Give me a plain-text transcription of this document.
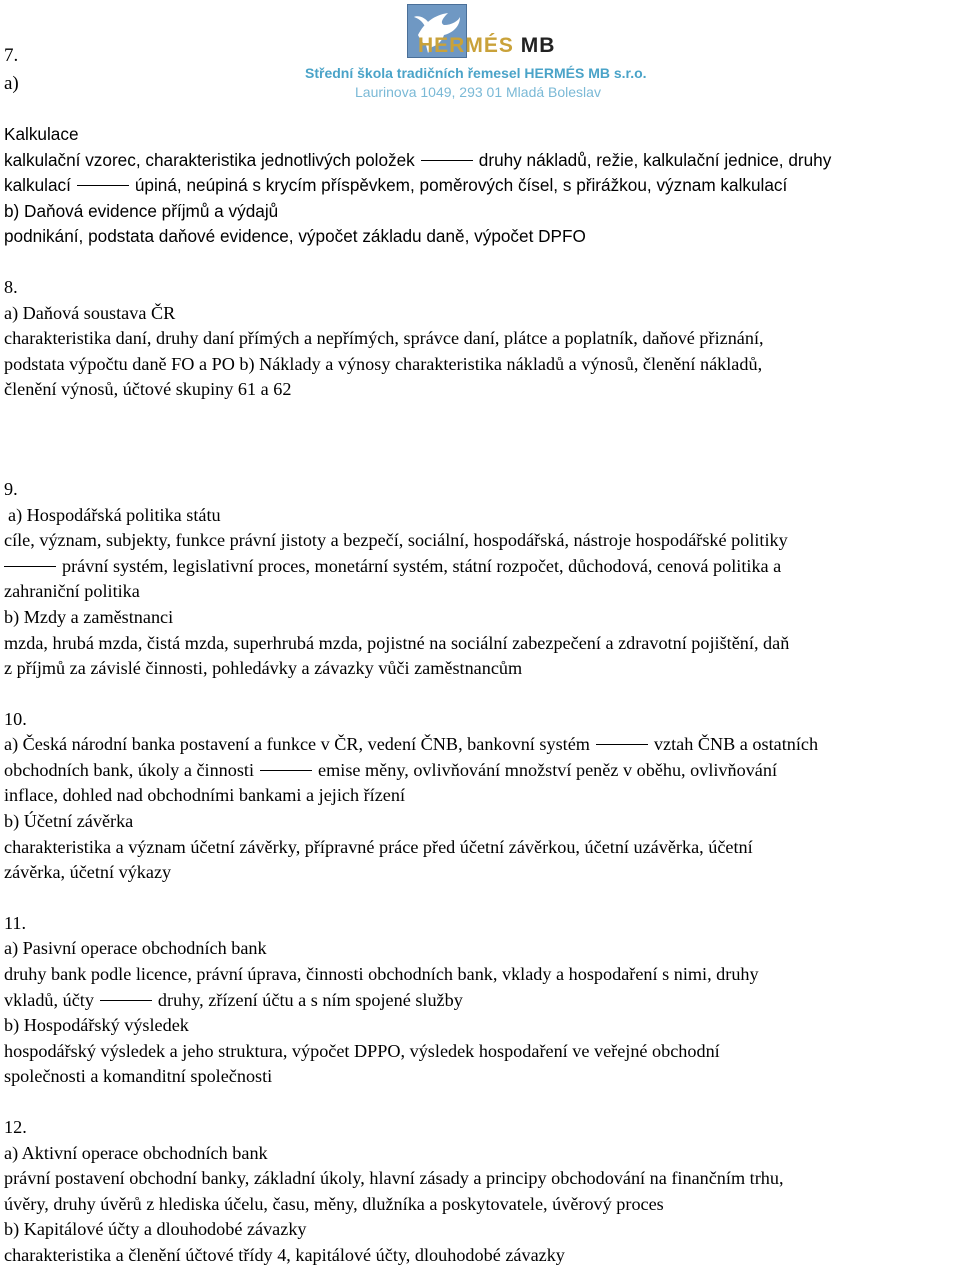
HERMÉS MB
Střední škola tradičních řemesel HERMÉS MB s.r.o.
Laurinova 1049, 293 01 Mladá Boleslav
7.
a)

Kalkulace

kalkulační vzorec, charakteristika jednotlivých položek	druhy nákladů, režie, kalkulační jednice, druhy

kalkulací	úpiná, neúpiná s krycím příspěvkem, poměrových čísel, s přirážkou, význam kalkulací

b) Daňová evidence příjmů a výdajů

podnikání, podstata daňové evidence, výpočet základu daně, výpočet DPFO

8.

a) Daňová soustava ČR

charakteristika daní, druhy daní přímých a nepřímých, správce daní, plátce a poplatník, daňové přiznání,

podstata výpočtu daně FO a PO b) Náklady a výnosy charakteristika nákladů a výnosů, členění nákladů,

členění výnosů, účtové skupiny 61 a 62

9.

a) Hospodářská politika státu

cíle, význam, subjekty, funkce právní jistoty a bezpečí, sociální, hospodářská, nástroje hospodářské politiky

právní systém, legislativní proces, monetární systém, státní rozpočet, důchodová, cenová politika a

zahraniční politika

b) Mzdy a zaměstnanci

mzda, hrubá mzda, čistá mzda, superhrubá mzda, pojistné na sociální zabezpečení a zdravotní pojištění, daň

z příjmů za závislé činnosti, pohledávky a závazky vůči zaměstnancům

10.

a) Česká národní banka postavení a funkce v ČR, vedení ČNB, bankovní systém	vztah ČNB a ostatních

obchodních bank, úkoly a činnosti	emise měny, ovlivňování množství peněz v oběhu, ovlivňování

inflace, dohled nad obchodními bankami a jejich řízení

b) Účetní závěrka

charakteristika a význam účetní závěrky, přípravné práce před účetní závěrkou, účetní uzávěrka, účetní

závěrka, účetní výkazy

11.

a) Pasivní operace obchodních bank

druhy bank podle licence, právní úprava, činnosti obchodních bank, vklady a hospodaření s nimi, druhy

vkladů, účty	druhy, zřízení účtu a s ním spojené služby

b) Hospodářský výsledek

hospodářský výsledek a jeho struktura, výpočet DPPO, výsledek hospodaření ve veřejné obchodní

společnosti a komanditní společnosti

12.

a) Aktivní operace obchodních bank

právní postavení obchodní banky, základní úkoly, hlavní zásady a principy obchodování na finančním trhu,

úvěry, druhy úvěrů z hlediska účelu, času, měny, dlužníka a poskytovatele, úvěrový proces

b) Kapitálové účty a dlouhodobé závazky

charakteristika a členění účtové třídy 4, kapitálové účty, dlouhodobé závazky
